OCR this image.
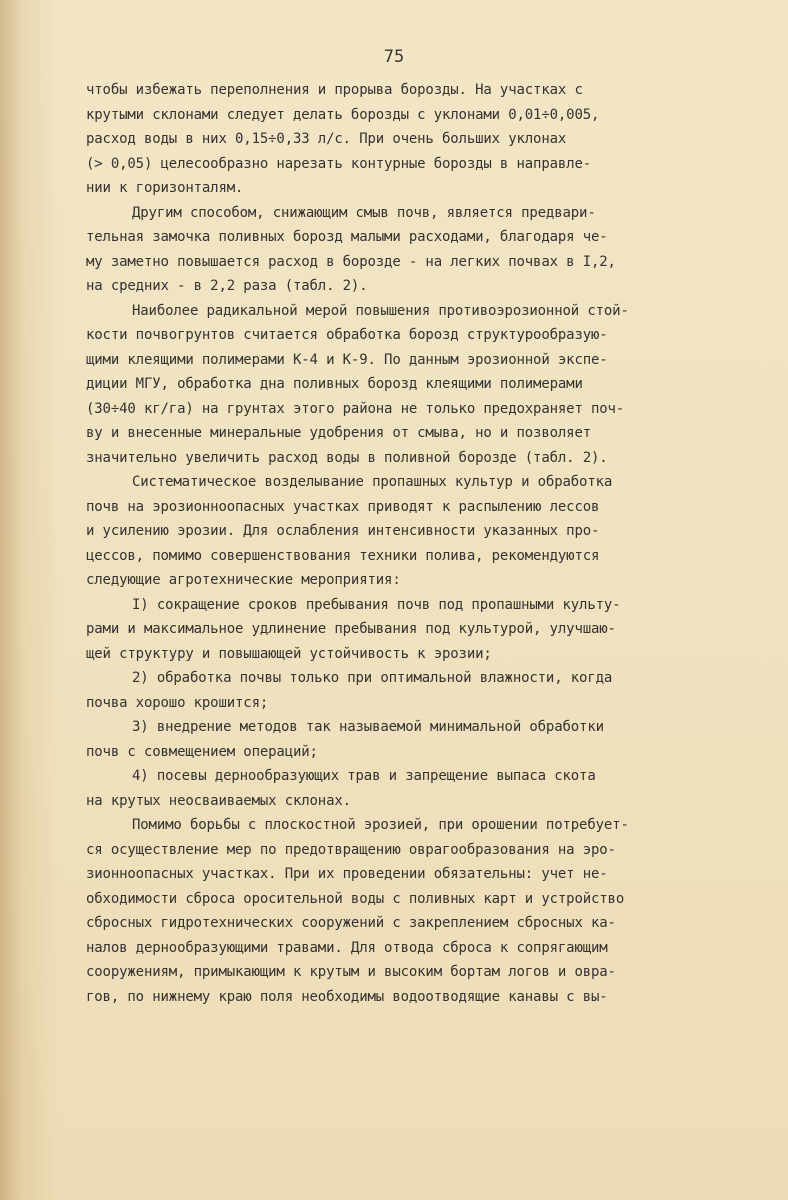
75
чтобы избежать переполнения и прорыва борозды. На участках с
крутыми склонами следует делать борозды с уклонами 0,01÷0,005,
расход воды в них 0,15÷0,33 л/с. При очень больших уклонах
(> 0,05) целесообразно нарезать контурные борозды в направле-
нии к горизонталям.
Другим способом, снижающим смыв почв, является предвари-
тельная замочка поливных борозд малыми расходами, благодаря че-
му заметно повышается расход в борозде - на легких почвах в I,2,
на средних - в 2,2 раза (табл. 2).
Наиболее радикальной мерой повышения противоэрозионной стой-
кости почвогрунтов считается обработка борозд структурообразую-
щими клеящими полимерами К-4 и К-9. По данным эрозионной экспе-
диции МГУ, обработка дна поливных борозд клеящими полимерами
(30÷40 кг/га) на грунтах этого района не только предохраняет поч-
ву и внесенные минеральные удобрения от смыва, но и позволяет
значительно увеличить расход воды в поливной борозде (табл. 2).
Систематическое возделывание пропашных культур и обработка
почв на эрозионноопасных участках приводят к распылению лессов
и усилению эрозии. Для ослабления интенсивности указанных про-
цессов, помимо совершенствования техники полива, рекомендуются
следующие агротехнические мероприятия:
I) сокращение сроков пребывания почв под пропашными культу-
рами и максимальное удлинение пребывания под культурой, улучшаю-
щей структуру и повышающей устойчивость к эрозии;
2) обработка почвы только при оптимальной влажности, когда
почва хорошо крошится;
3) внедрение методов так называемой минимальной обработки
почв с совмещением операций;
4) посевы дернообразующих трав и запрещение выпаса скота
на крутых неосваиваемых склонах.
Помимо борьбы с плоскостной эрозией, при орошении потребует-
ся осуществление мер по предотвращению оврагообразования на эро-
зионноопасных участках. При их проведении обязательны: учет не-
обходимости сброса оросительной воды с поливных карт и устройство
сбросных гидротехнических сооружений с закреплением сбросных ка-
налов дернообразующими травами. Для отвода сброса к сопрягающим
сооружениям, примыкающим к крутым и высоким бортам логов и овра-
гов, по нижнему краю поля необходимы водоотводящие канавы с вы-
